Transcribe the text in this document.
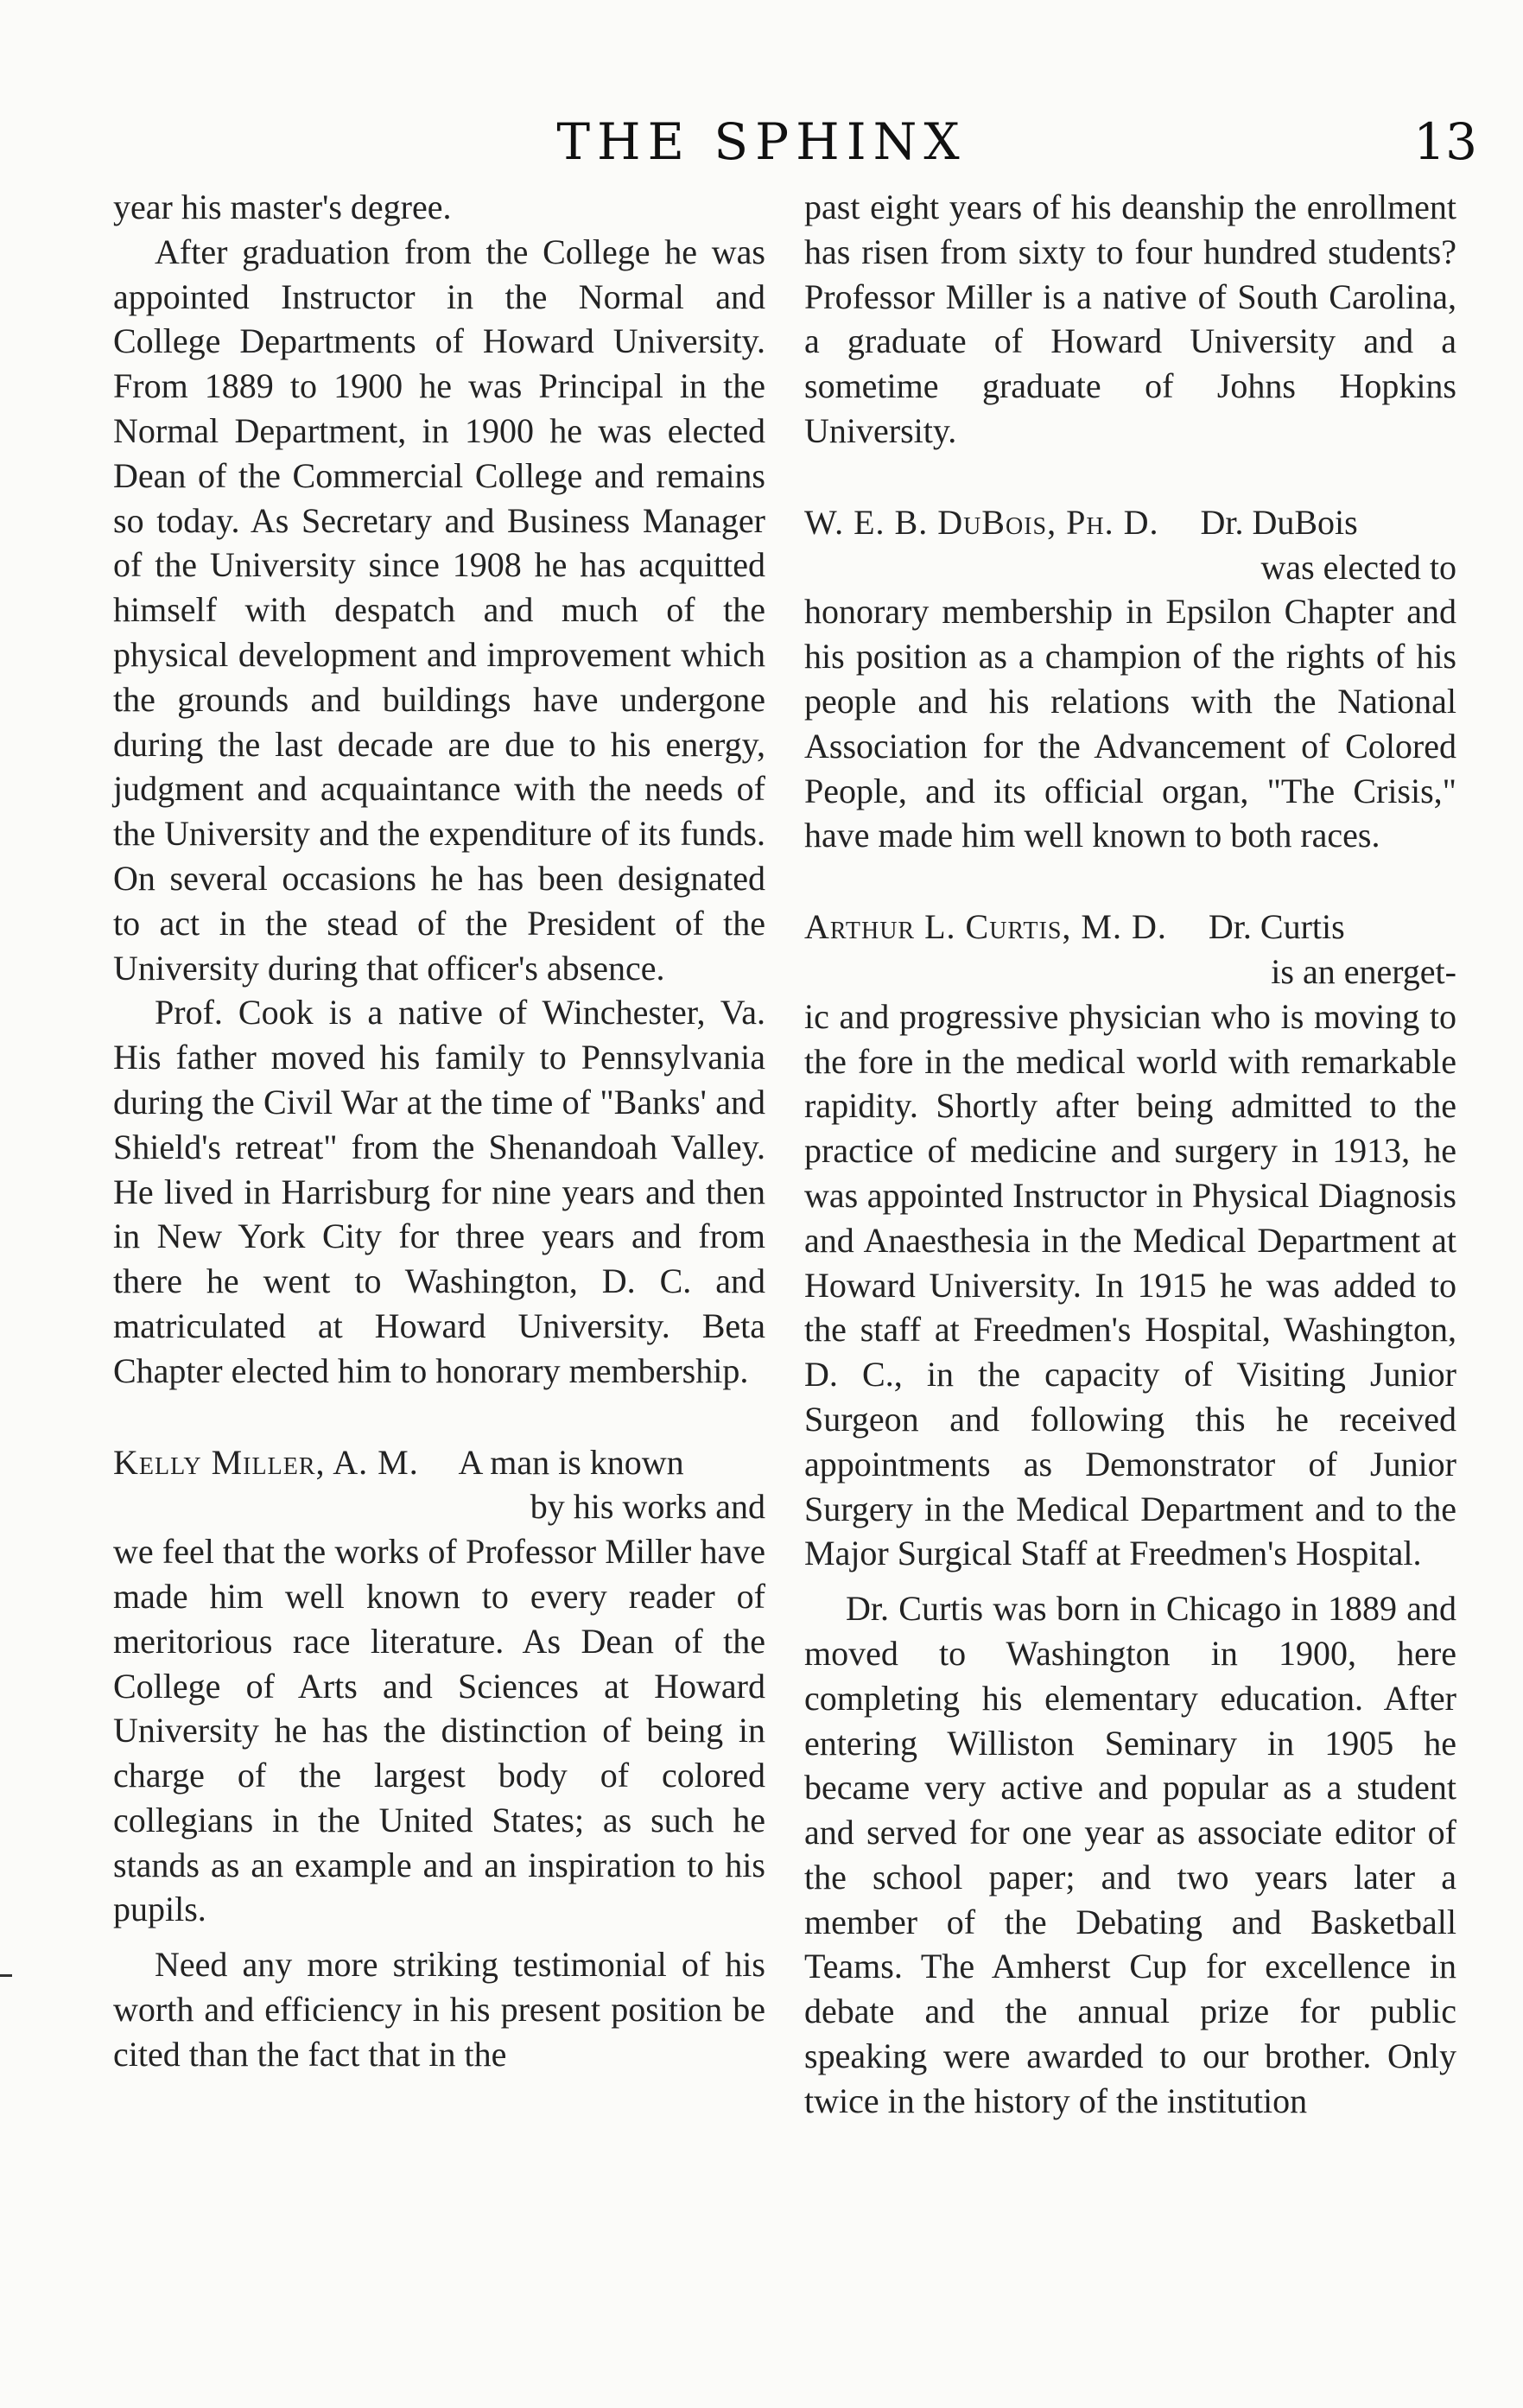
THE SPHINX	13

year his master's degree.

After graduation from the College he was appointed Instructor in the Normal and College Departments of Howard University. From 1889 to 1900 he was Principal in the Normal Department, in 1900 he was elected Dean of the Commercial College and remains so today. As Secretary and Business Manager of the University since 1908 he has acquitted himself with despatch and much of the physical development and improvement which the grounds and buildings have undergone during the last decade are due to his energy, judgment and acquaintance with the needs of the University and the expenditure of its funds. On several occasions he has been designated to act in the stead of the President of the University during that officer's absence.

Prof. Cook is a native of Winchester, Va. His father moved his family to Pennsylvania during the Civil War at the time of "Banks' and Shield's retreat" from the Shenandoah Valley. He lived in Harrisburg for nine years and then in New York City for three years and from there he went to Washington, D. C. and matriculated at Howard University. Beta Chapter elected him to honorary membership.

Kelly Miller, A. M. A man is known
by his works and

we feel that the works of Professor Miller have made him well known to every reader of meritorious race literature. As Dean of the College of Arts and Sciences at Howard University he has the distinction of being in charge of the largest body of colored collegians in the United States; as such he stands as an example and an inspiration to his pupils.

Need any more striking testimonial of his worth and efficiency in his present position be cited than the fact that in the

past eight years of his deanship the enrollment has risen from sixty to four hundred students? Professor Miller is a native of South Carolina, a graduate of Howard University and a sometime graduate of Johns Hopkins University.

W. E. B. DuBois, Ph. D. Dr. DuBois
was elected to

honorary membership in Epsilon Chapter and his position as a champion of the rights of his people and his relations with the National Association for the Advancement of Colored People, and its official organ, "The Crisis," have made him well known to both races.

Arthur L. Curtis, M. D. Dr. Curtis
is an energet-

ic and progressive physician who is moving to the fore in the medical world with remarkable rapidity. Shortly after being admitted to the practice of medicine and surgery in 1913, he was appointed Instructor in Physical Diagnosis and Anaesthesia in the Medical Department at Howard University. In 1915 he was added to the staff at Freedmen's Hospital, Washington, D. C., in the capacity of Visiting Junior Surgeon and following this he received appointments as Demonstrator of Junior Surgery in the Medical Department and to the Major Surgical Staff at Freedmen's Hospital.

Dr. Curtis was born in Chicago in 1889 and moved to Washington in 1900, here completing his elementary education. After entering Williston Seminary in 1905 he became very active and popular as a student and served for one year as associate editor of the school paper; and two years later a member of the Debating and Basketball Teams. The Amherst Cup for excellence in debate and the annual prize for public speaking were awarded to our brother. Only twice in the history of the institution
